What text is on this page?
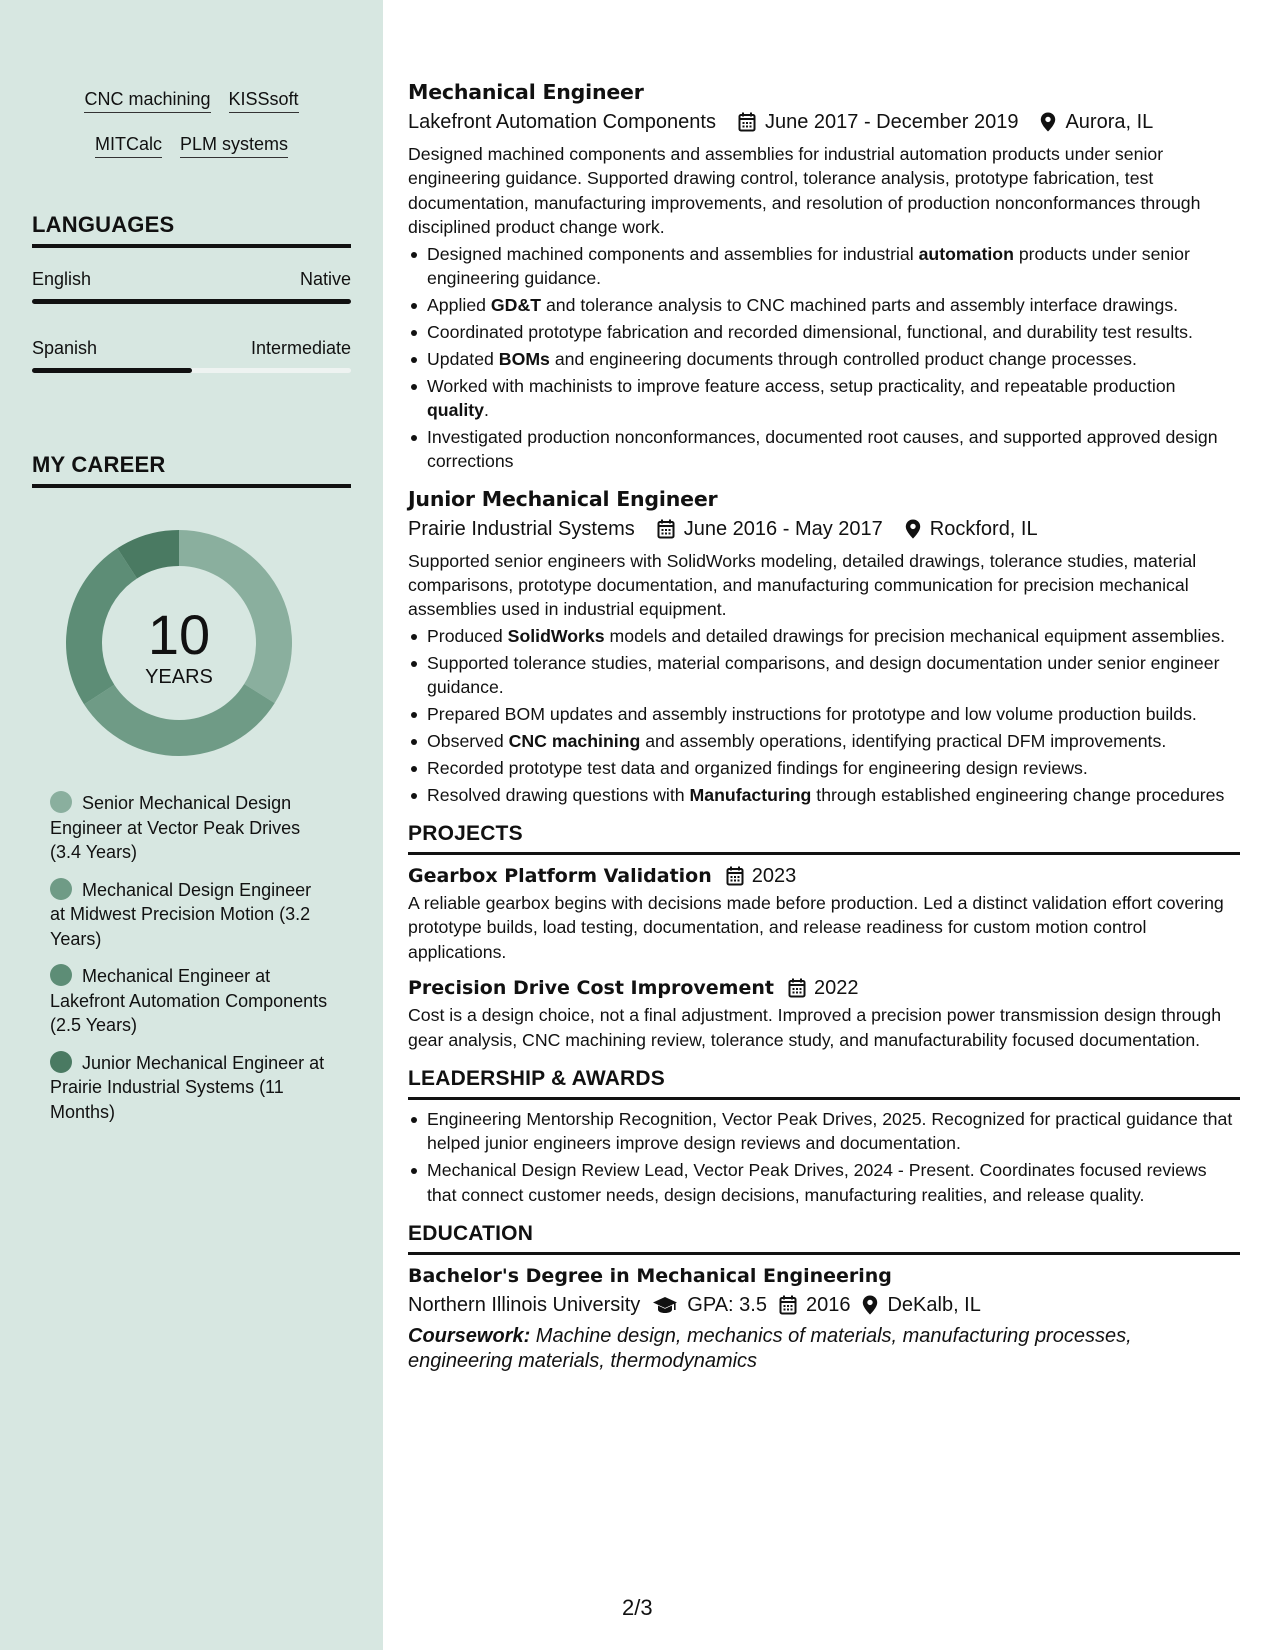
CNC machining KISSsoft
MITCalc PLM systems
LANGUAGES
English	Native
Spanish	Intermediate
MY CAREER
10
YEARS
Senior Mechanical Design Engineer at Vector Peak Drives (3.4 Years)
Mechanical Design Engineer at Midwest Precision Motion (3.2 Years)
Mechanical Engineer at Lakefront Automation Components (2.5 Years)
Junior Mechanical Engineer at Prairie Industrial Systems (11 Months)
Mechanical Engineer
Lakefront Automation Components June 2017 - December 2019 Aurora, IL
Designed machined components and assemblies for industrial automation products under senior engineering guidance. Supported drawing control, tolerance analysis, prototype fabrication, test documentation, manufacturing improvements, and resolution of production nonconformances through disciplined product change work.
Designed machined components and assemblies for industrial automation products under senior engineering guidance.
Applied GD&T and tolerance analysis to CNC machined parts and assembly interface drawings.
Coordinated prototype fabrication and recorded dimensional, functional, and durability test results.
Updated BOMs and engineering documents through controlled product change processes.
Worked with machinists to improve feature access, setup practicality, and repeatable production quality.
Investigated production nonconformances, documented root causes, and supported approved design corrections
Junior Mechanical Engineer
Prairie Industrial Systems June 2016 - May 2017 Rockford, IL
Supported senior engineers with SolidWorks modeling, detailed drawings, tolerance studies, material comparisons, prototype documentation, and manufacturing communication for precision mechanical assemblies used in industrial equipment.
Produced SolidWorks models and detailed drawings for precision mechanical equipment assemblies.
Supported tolerance studies, material comparisons, and design documentation under senior engineer guidance.
Prepared BOM updates and assembly instructions for prototype and low volume production builds.
Observed CNC machining and assembly operations, identifying practical DFM improvements.
Recorded prototype test data and organized findings for engineering design reviews.
Resolved drawing questions with Manufacturing through established engineering change procedures
PROJECTS
Gearbox Platform Validation 2023
A reliable gearbox begins with decisions made before production. Led a distinct validation effort covering prototype builds, load testing, documentation, and release readiness for custom motion control applications.
Precision Drive Cost Improvement 2022
Cost is a design choice, not a final adjustment. Improved a precision power transmission design through gear analysis, CNC machining review, tolerance study, and manufacturability focused documentation.
LEADERSHIP & AWARDS
Engineering Mentorship Recognition, Vector Peak Drives, 2025. Recognized for practical guidance that helped junior engineers improve design reviews and documentation.
Mechanical Design Review Lead, Vector Peak Drives, 2024 - Present. Coordinates focused reviews that connect customer needs, design decisions, manufacturing realities, and release quality.
EDUCATION
Bachelor's Degree in Mechanical Engineering
Northern Illinois University GPA: 3.5 2016 DeKalb, IL
Coursework: Machine design, mechanics of materials, manufacturing processes, engineering materials, thermodynamics
2/3
